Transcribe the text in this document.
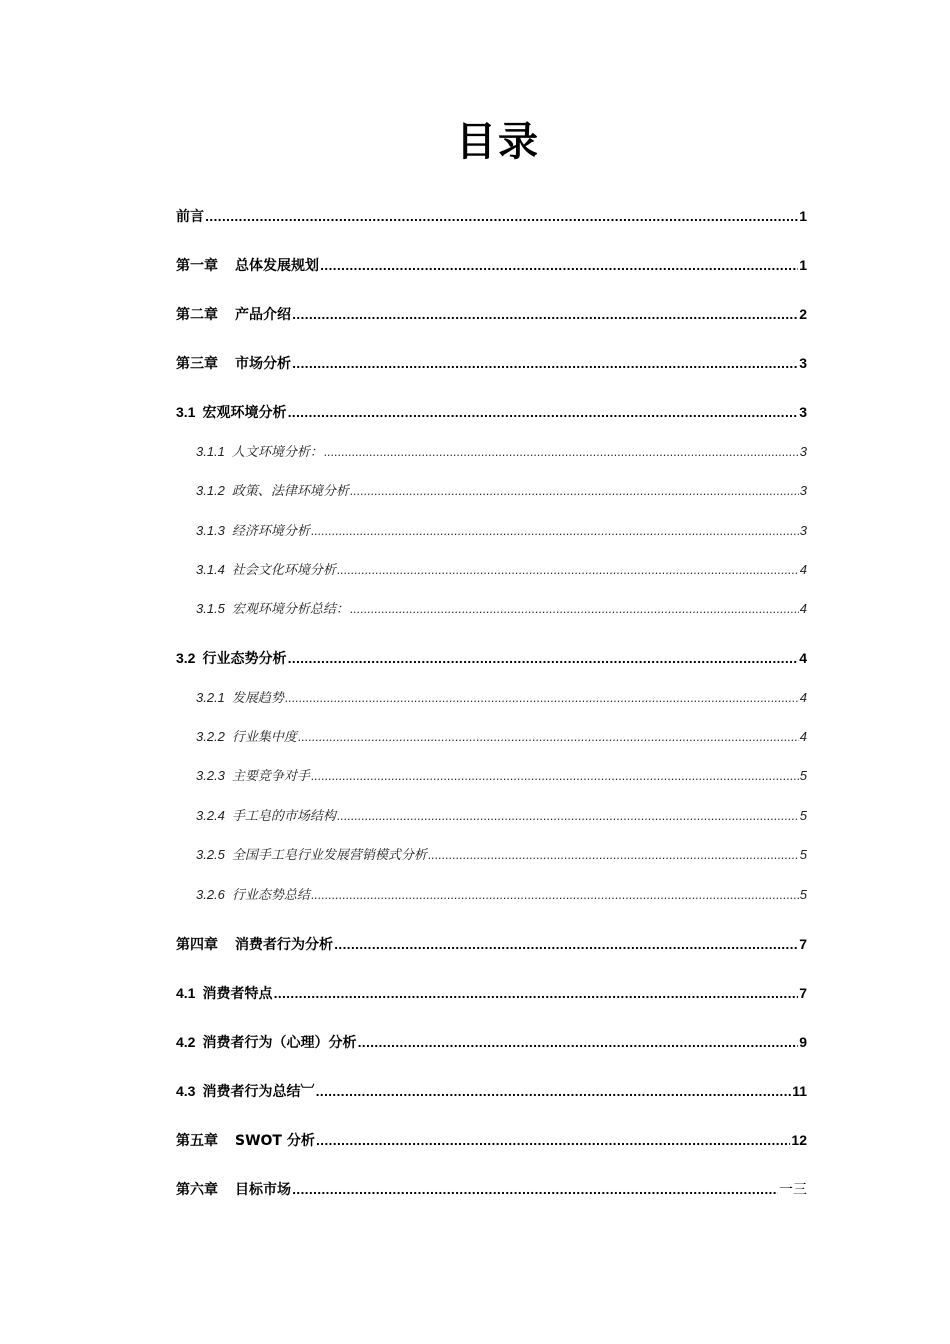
目录
前言 .....	1
第一章 总体发展规划 .....	1
第二章 产品介绍 .....	2
第三章 市场分析 .....	3
3.1 宏观环境分析 .....	3
3.1.1 人文环境分析： .....	3
3.1.2 政策、法律环境分析 .....	3
3.1.3 经济环境分析 .....	3
3.1.4 社会文化环境分析 .....	4
3.1.5 宏观环境分析总结： .....	4
3.2 行业态势分析 .....	4
3.2.1 发展趋势 .....	4
3.2.2 行业集中度 .....	4
3.2.3 主要竞争对手 .....	5
3.2.4 手工皂的市场结构 .....	5
3.2.5 全国手工皂行业发展营销模式分析 .....	5
3.2.6 行业态势总结 .....	5
第四章 消费者行为分析 .....	7
4.1 消费者特点 .....	7
4.2 消费者行为（心理）分析 .....	9
4.3 消费者行为总结︺ .....	11
第五章 SWOT 分析 .....	12
第六章 目标市场 .....	一三
